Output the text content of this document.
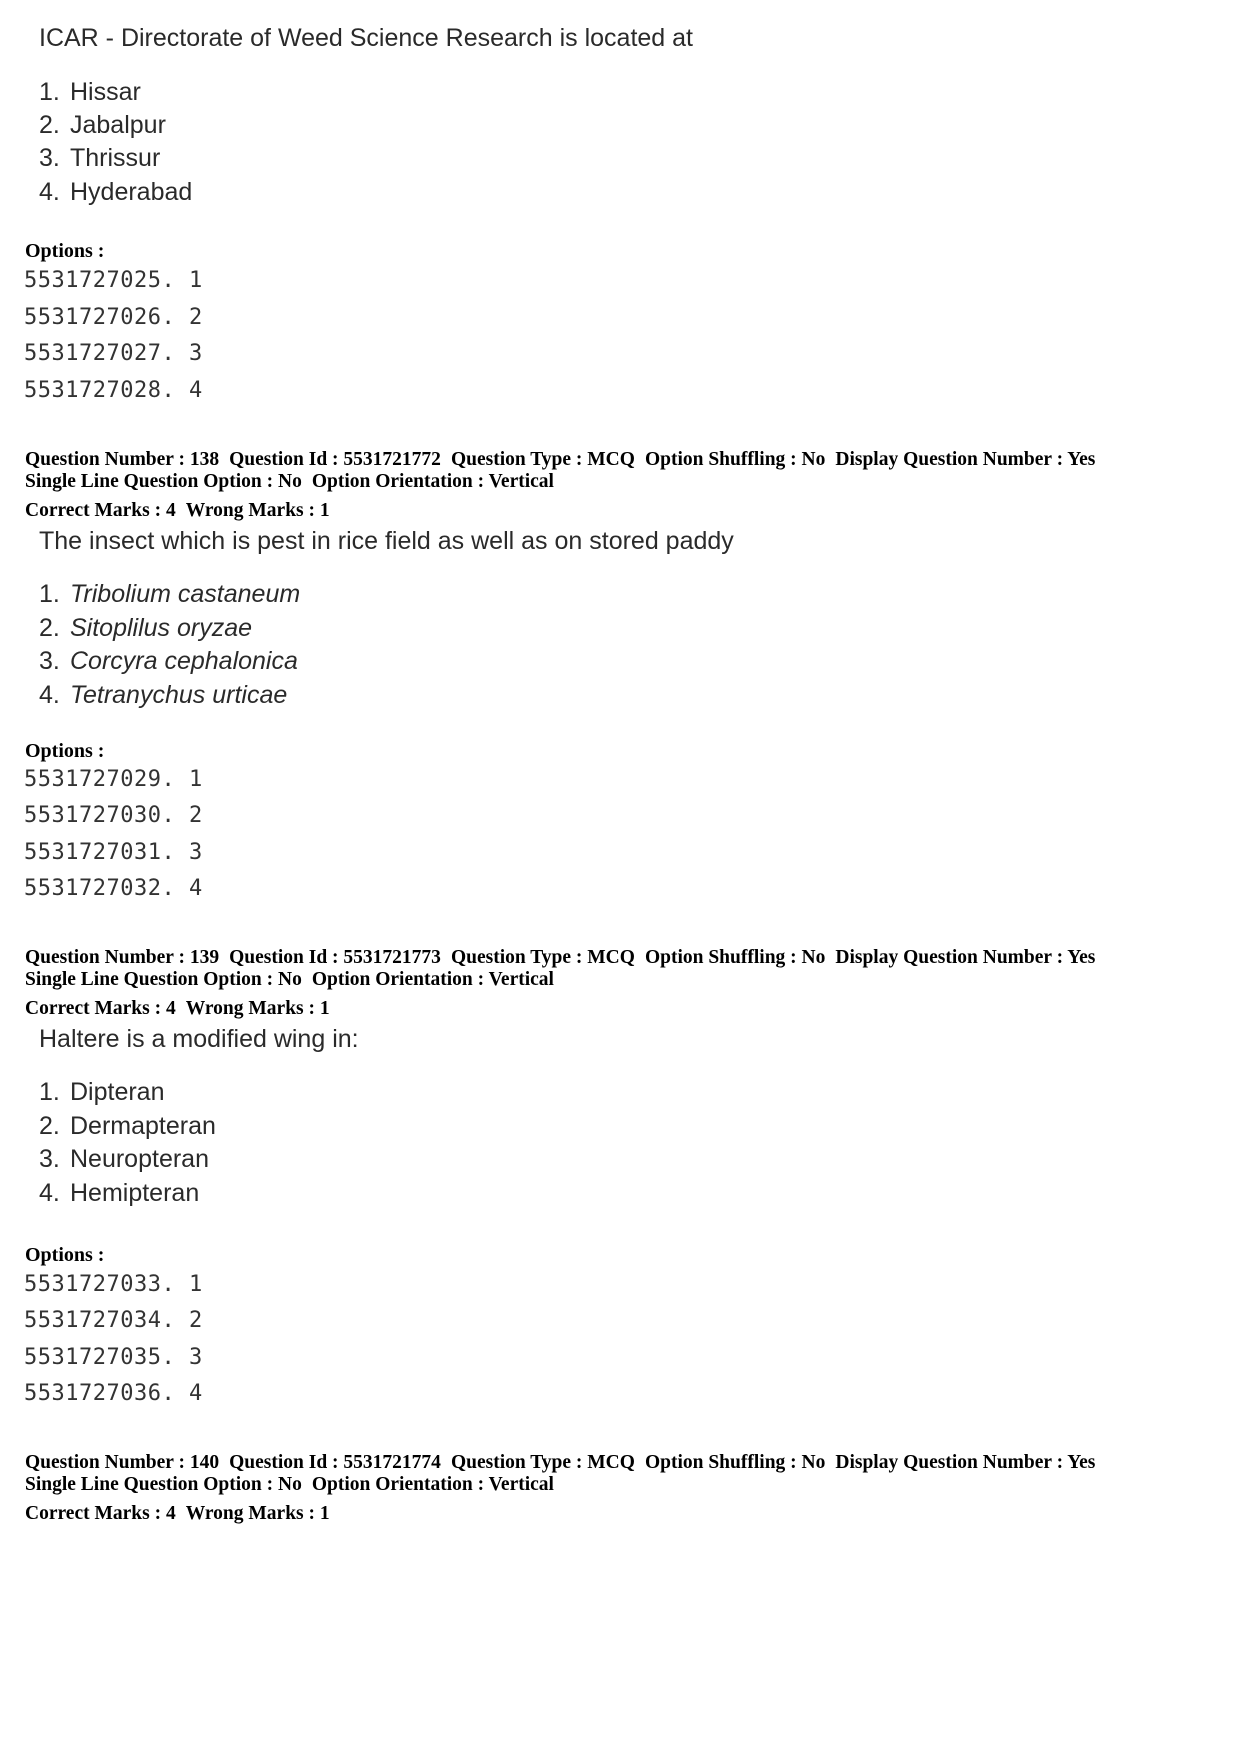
ICAR - Directorate of Weed Science Research is located at
1. Hissar
2. Jabalpur
3. Thrissur
4. Hyderabad
Options :
5531727025. 1
5531727026. 2
5531727027. 3
5531727028. 4
Question Number : 138 Question Id : 5531721772 Question Type : MCQ Option Shuffling : No Display Question Number : Yes
Single Line Question Option : No Option Orientation : Vertical
Correct Marks : 4 Wrong Marks : 1
The insect which is pest in rice field as well as on stored paddy
1. Tribolium castaneum
2. Sitoplilus oryzae
3. Corcyra cephalonica
4. Tetranychus urticae
Options :
5531727029. 1
5531727030. 2
5531727031. 3
5531727032. 4
Question Number : 139 Question Id : 5531721773 Question Type : MCQ Option Shuffling : No Display Question Number : Yes
Single Line Question Option : No Option Orientation : Vertical
Correct Marks : 4 Wrong Marks : 1
Haltere is a modified wing in:
1. Dipteran
2. Dermapteran
3. Neuropteran
4. Hemipteran
Options :
5531727033. 1
5531727034. 2
5531727035. 3
5531727036. 4
Question Number : 140 Question Id : 5531721774 Question Type : MCQ Option Shuffling : No Display Question Number : Yes
Single Line Question Option : No Option Orientation : Vertical
Correct Marks : 4 Wrong Marks : 1
